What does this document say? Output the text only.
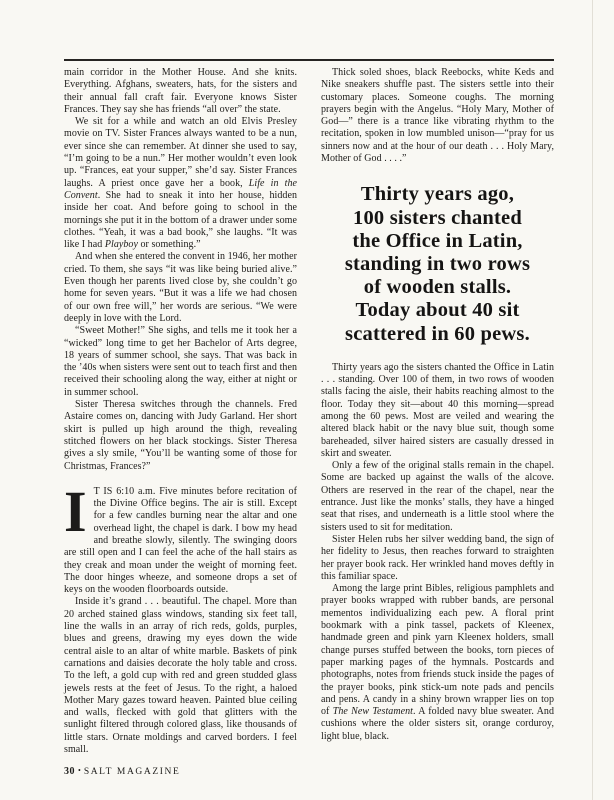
main corridor in the Mother House. And she knits. Everything. Afghans, sweaters, hats, for the sisters and their annual fall craft fair. Everyone knows Sister Frances. They say she has friends “all over” the state.

We sit for a while and watch an old Elvis Presley movie on TV. Sister Frances always wanted to be a nun, ever since she can remember. At dinner she used to say, “I’m going to be a nun.” Her mother wouldn’t even look up. “Frances, eat your supper,” she’d say. Sister Frances laughs. A priest once gave her a book, Life in the Convent. She had to sneak it into her house, hidden inside her coat. And before going to school in the mornings she put it in the bottom of a drawer under some clothes. “Yeah, it was a bad book,” she laughs. “It was like I had Playboy or something.”

And when she entered the convent in 1946, her mother cried. To them, she says “it was like being buried alive.” Even though her parents lived close by, she couldn’t go home for seven years. “But it was a life we had chosen of our own free will,” her words are serious. “We were deeply in love with the Lord.

“Sweet Mother!” She sighs, and tells me it took her a “wicked” long time to get her Bachelor of Arts degree, 18 years of summer school, she says. That was back in the ’40s when sisters were sent out to teach first and then received their schooling along the way, either at night or in summer school.

Sister Theresa switches through the channels. Fred Astaire comes on, dancing with Judy Garland. Her short skirt is pulled up high around the thigh, revealing stitched flowers on her black stockings. Sister Theresa gives a sly smile, “You’ll be wanting some of those for Christmas, Frances?”

I T IS 6:10 a.m. Five minutes before recitation of the Divine Office begins. The air is still. Except for a few candles burning near the altar and one overhead light, the chapel is dark. I bow my head and breathe slowly, silently. The swinging doors are still open and I can feel the ache of the hall stairs as they creak and moan under the weight of morning feet. The door hinges wheeze, and someone drops a set of keys on the wooden floorboards outside.

Inside it’s grand . . . beautiful. The chapel. More than 20 arched stained glass windows, standing six feet tall, line the walls in an array of rich reds, golds, purples, blues and greens, drawing my eyes down the wide central aisle to an altar of white marble. Baskets of pink carnations and daisies decorate the holy table and cross. To the left, a gold cup with red and green studded glass jewels rests at the feet of Jesus. To the right, a haloed Mother Mary gazes toward heaven. Painted blue ceiling and walls, flecked with gold that glitters with the sunlight filtered through colored glass, like thousands of little stars. Ornate moldings and carved borders. I feel small.

Thick soled shoes, black Reebocks, white Keds and Nike sneakers shuffle past. The sisters settle into their customary places. Someone coughs. The morning prayers begin with the Angelus. “Holy Mary, Mother of God—” there is a trance like vibrating rhythm to the recitation, spoken in low mumbled unison—“pray for us sinners now and at the hour of our death . . . Holy Mary, Mother of God . . . .”

Thirty years ago,
100 sisters chanted
the Office in Latin,
standing in two rows
of wooden stalls.
Today about 40 sit
scattered in 60 pews.

Thirty years ago the sisters chanted the Office in Latin . . . standing. Over 100 of them, in two rows of wooden stalls facing the aisle, their habits reaching almost to the floor. Today they sit—about 40 this morning—spread among the 60 pews. Most are veiled and wearing the altered black habit or the navy blue suit, though some bareheaded, silver haired sisters are casually dressed in skirt and sweater.

Only a few of the original stalls remain in the chapel. Some are backed up against the walls of the alcove. Others are reserved in the rear of the chapel, near the entrance. Just like the monks’ stalls, they have a hinged seat that rises, and underneath is a little stool where the sisters used to sit for meditation.

Sister Helen rubs her silver wedding band, the sign of her fidelity to Jesus, then reaches forward to straighten her prayer book rack. Her wrinkled hand moves deftly in this familiar space.

Among the large print Bibles, religious pamphlets and prayer books wrapped with rubber bands, are personal mementos individualizing each pew. A floral print bookmark with a pink tassel, packets of Kleenex, handmade green and pink yarn Kleenex holders, small change purses stuffed between the books, torn pieces of paper marking pages of the hymnals. Postcards and photographs, notes from friends stuck inside the pages of the prayer books, pink stick-um note pads and pencils and pens. A candy in a shiny brown wrapper lies on top of The New Testament. A folded navy blue sweater. And cushions where the older sisters sit, orange corduroy, light blue, black.

30 • SALT MAGAZINE
